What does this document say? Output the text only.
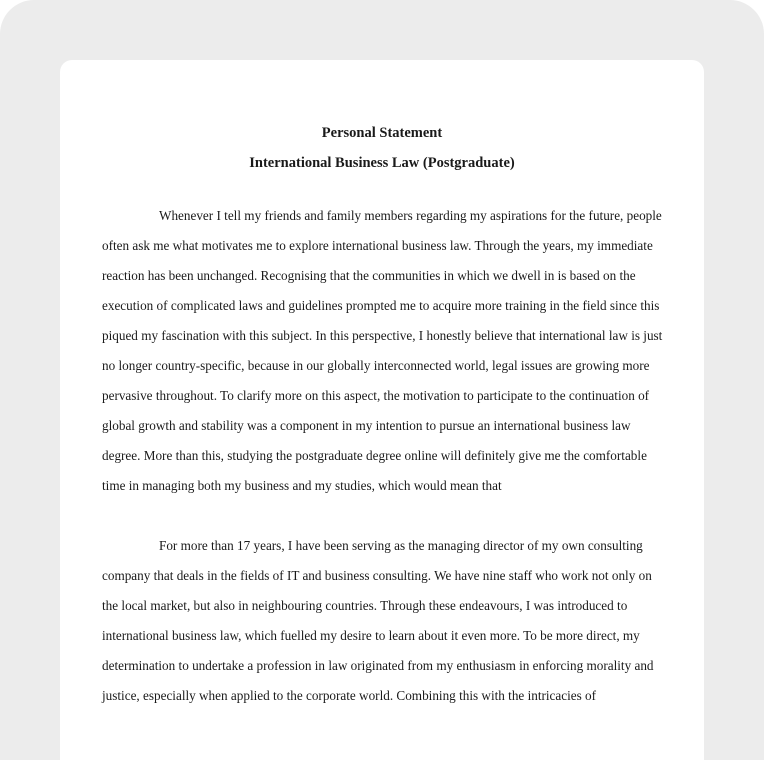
Personal Statement

International Business Law (Postgraduate)

Whenever I tell my friends and family members regarding my aspirations for the future, people often ask me what motivates me to explore international business law. Through the years, my immediate reaction has been unchanged. Recognising that the communities in which we dwell in is based on the execution of complicated laws and guidelines prompted me to acquire more training in the field since this piqued my fascination with this subject. In this perspective, I honestly believe that international law is just no longer country-specific, because in our globally interconnected world, legal issues are growing more pervasive throughout. To clarify more on this aspect, the motivation to participate to the continuation of global growth and stability was a component in my intention to pursue an international business law degree. More than this, studying the postgraduate degree online will definitely give me the comfortable time in managing both my business and my studies, which would mean that

For more than 17 years, I have been serving as the managing director of my own consulting company that deals in the fields of IT and business consulting. We have nine staff who work not only on the local market, but also in neighbouring countries. Through these endeavours, I was introduced to international business law, which fuelled my desire to learn about it even more. To be more direct, my determination to undertake a profession in law originated from my enthusiasm in enforcing morality and justice, especially when applied to the corporate world. Combining this with the intricacies of
